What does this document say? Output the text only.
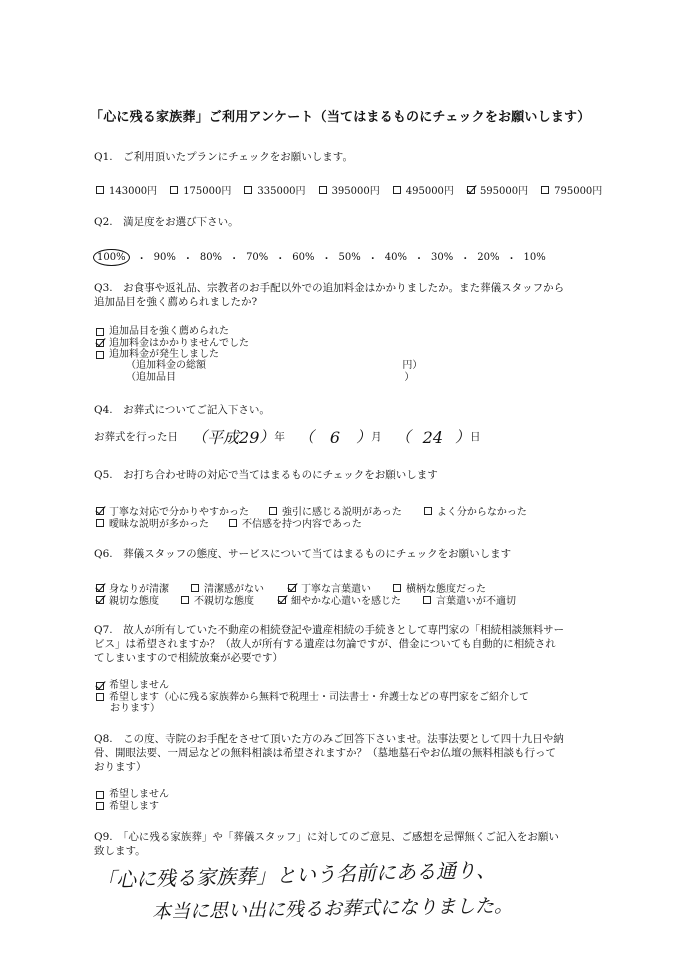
「心に残る家族葬」ご利用アンケート（当てはまるものにチェックをお願いします）
Q1.　ご利用頂いたプランにチェックをお願いします。
143000円	175000円	335000円	395000円	495000円	595000円	795000円
Q2.　満足度をお選び下さい。
100%	・ 90% ・ 80% ・ 70% ・ 60% ・ 50% ・ 40% ・ 30% ・ 20% ・ 10%
Q3.　お食事や返礼品、宗教者のお手配以外での追加料金はかかりましたか。また葬儀スタッフから
追加品目を強く薦められましたか?
追加品目を強く薦められた
追加料金はかかりませんでした
追加料金が発生しました
（追加料金の総額	円）
（追加品目	）
Q4.　お葬式についてご記入下さい。
お葬式を行った日 （ 平成29 ） 年 （ 6 ） 月 （ 24 ） 日
Q5.　お打ち合わせ時の対応で当てはまるものにチェックをお願いします
丁寧な対応で分かりやすかった	強引に感じる説明があった	よく分からなかった
曖昧な説明が多かった	不信感を持つ内容であった
Q6.　葬儀スタッフの態度、サービスについて当てはまるものにチェックをお願いします
身なりが清潔	清潔感がない	丁寧な言葉遣い	横柄な態度だった
親切な態度	不親切な態度	細やかな心遣いを感じた	言葉遣いが不適切
Q7.　故人が所有していた不動産の相続登記や遺産相続の手続きとして専門家の「相続相談無料サー
ビス」は希望されますか？（故人が所有する遺産は勿論ですが、借金についても自動的に相続され
てしまいますので相続放棄が必要です）
希望しません
希望します（心に残る家族葬から無料で税理士・司法書士・弁護士などの専門家をご紹介して
おります）
Q8.　この度、寺院のお手配をさせて頂いた方のみご回答下さいませ。法事法要として四十九日や納
骨、開眼法要、一周忌などの無料相談は希望されますか？（墓地墓石やお仏壇の無料相談も行って
おります）
希望しません
希望します
Q9.　「心に残る家族葬」や「葬儀スタッフ」に対してのご意見、ご感想を忌憚無くご記入をお願い
致します。
「心に残る家族葬」という名前にある通り、
本当に思い出に残るお葬式になりました。
